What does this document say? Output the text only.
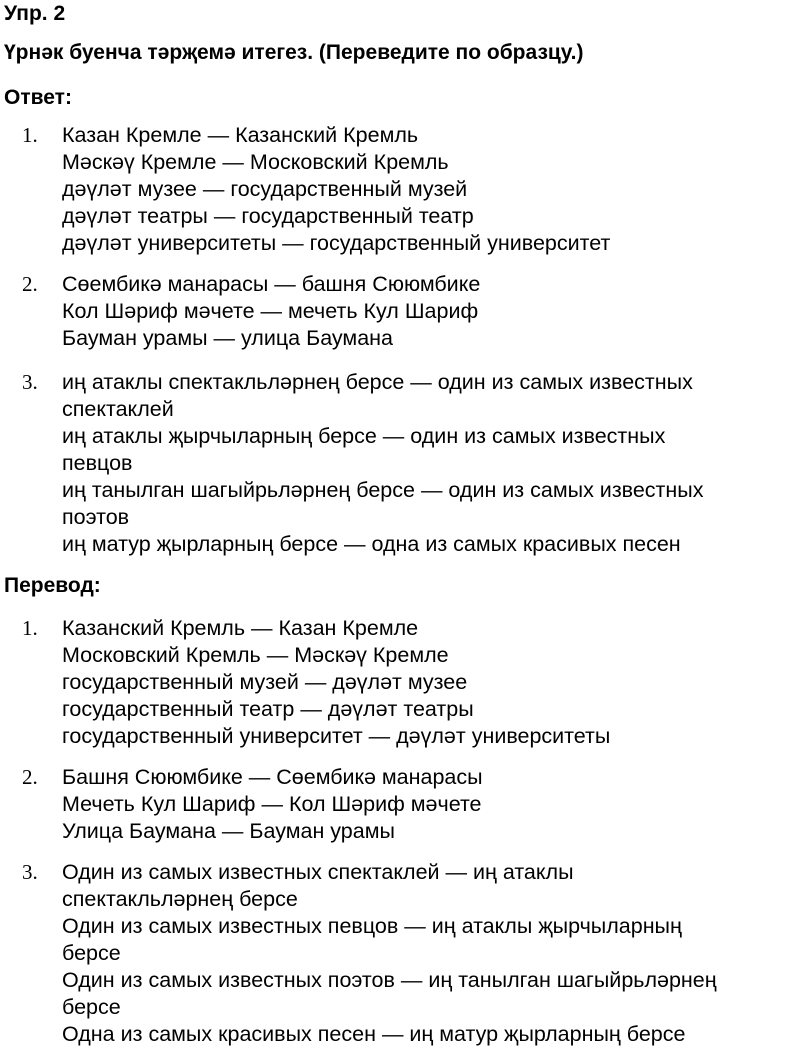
Упр. 2
Үрнәк буенча тәрҗемә итегез. (Переведите по образцу.)
Ответ:
1. Казан Кремле — Казанский Кремль
Мәскәү Кремле — Московский Кремль
дәүләт музее — государственный музей
дәүләт театры — государственный театр
дәүләт университеты — государственный университет
2. Сөембикә манарасы — башня Сююмбике
Кол Шәриф мәчете — мечеть Кул Шариф
Бауман урамы — улица Баумана
3. иң атаклы спектакльләрнең берсе — один из самых известных
спектаклей
иң атаклы җырчыларның берсе — один из самых известных
певцов
иң танылган шагыйрьләрнең берсе — один из самых известных
поэтов
иң матур җырларның берсе — одна из самых красивых песен
Перевод:
1. Казанский Кремль — Казан Кремле
Московский Кремль — Мәскәү Кремле
государственный музей — дәүләт музее
государственный театр — дәүләт театры
государственный университет — дәүләт университеты
2. Башня Сююмбике — Сөембикә манарасы
Мечеть Кул Шариф — Кол Шәриф мәчете
Улица Баумана — Бауман урамы
3. Один из самых известных спектаклей — иң атаклы
спектакльләрнең берсе
Один из самых известных певцов — иң атаклы җырчыларның
берсе
Один из самых известных поэтов — иң танылган шагыйрьләрнең
берсе
Одна из самых красивых песен — иң матур җырларның берсе
